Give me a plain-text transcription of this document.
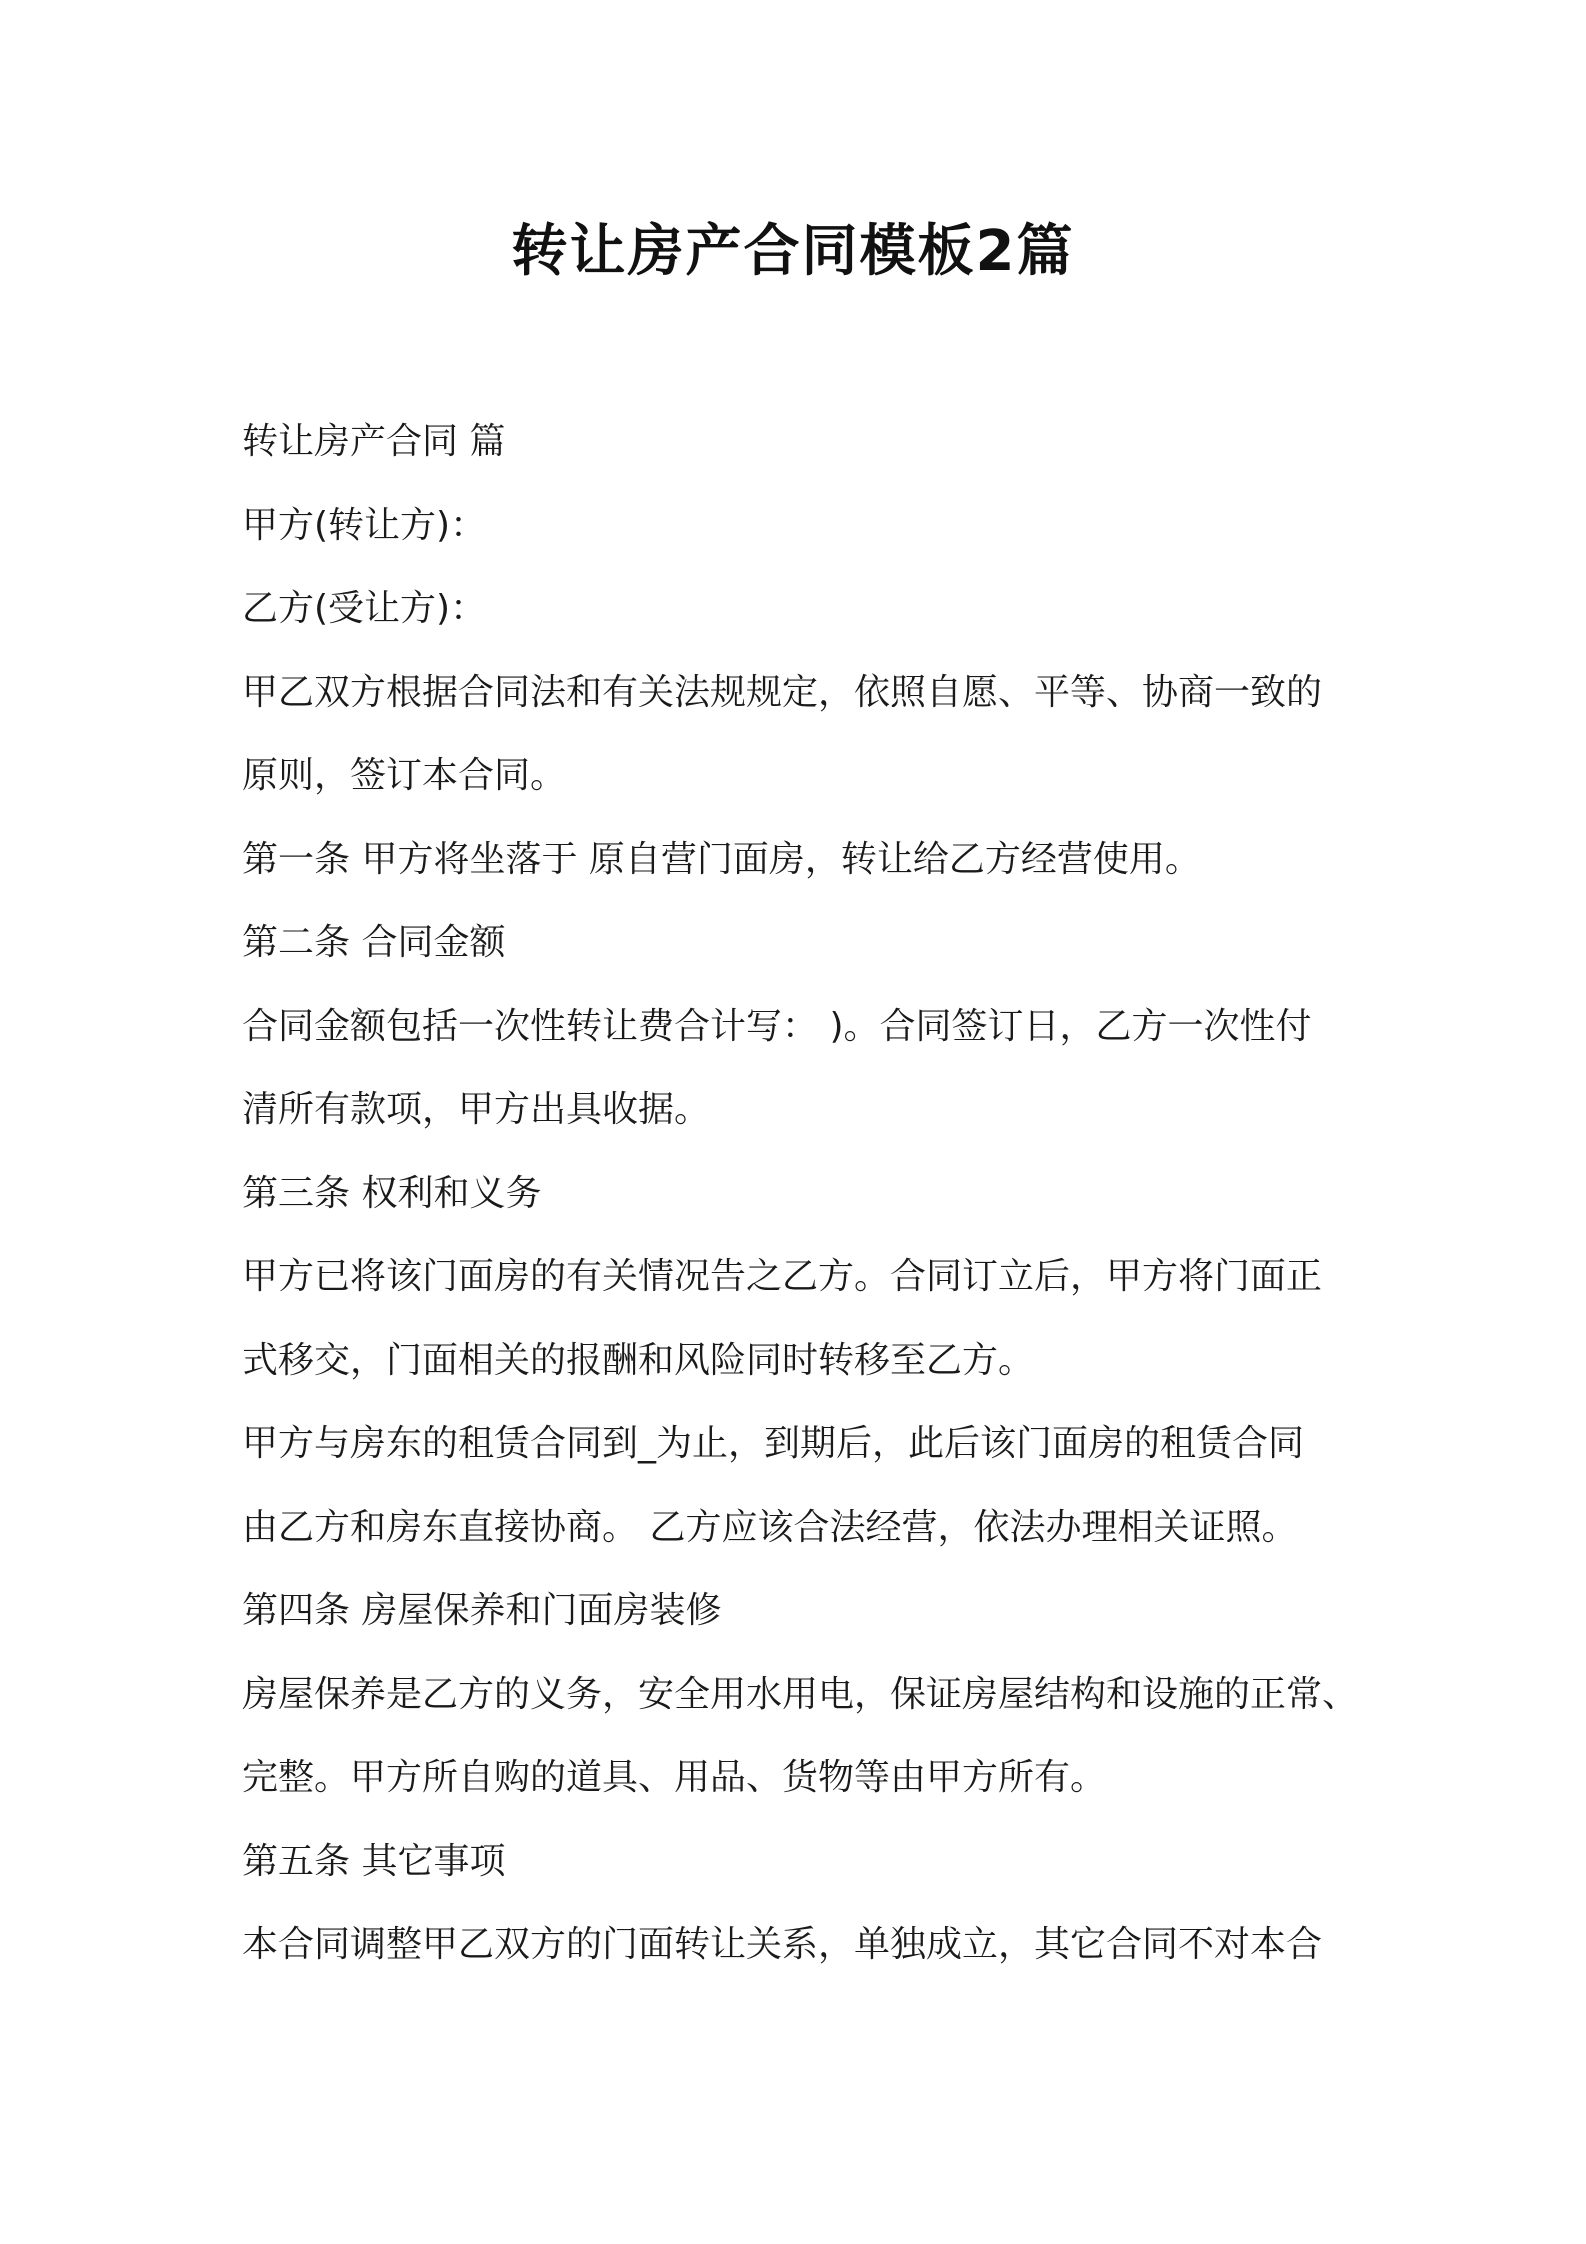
转让房产合同模板2篇

转让房产合同 篇

甲方(转让方)：

乙方(受让方)：

甲乙双方根据合同法和有关法规规定，依照自愿、平等、协商一致的

原则，签订本合同。

第一条 甲方将坐落于 原自营门面房，转让给乙方经营使用。

第二条 合同金额

合同金额包括一次性转让费合计写： )。合同签订日，乙方一次性付

清所有款项，甲方出具收据。

第三条 权利和义务

甲方已将该门面房的有关情况告之乙方。合同订立后，甲方将门面正

式移交，门面相关的报酬和风险同时转移至乙方。

甲方与房东的租赁合同到_为止，到期后，此后该门面房的租赁合同

由乙方和房东直接协商。 乙方应该合法经营，依法办理相关证照。

第四条 房屋保养和门面房装修

房屋保养是乙方的义务，安全用水用电，保证房屋结构和设施的正常、

完整。甲方所自购的道具、用品、货物等由甲方所有。

第五条 其它事项

本合同调整甲乙双方的门面转让关系，单独成立，其它合同不对本合
